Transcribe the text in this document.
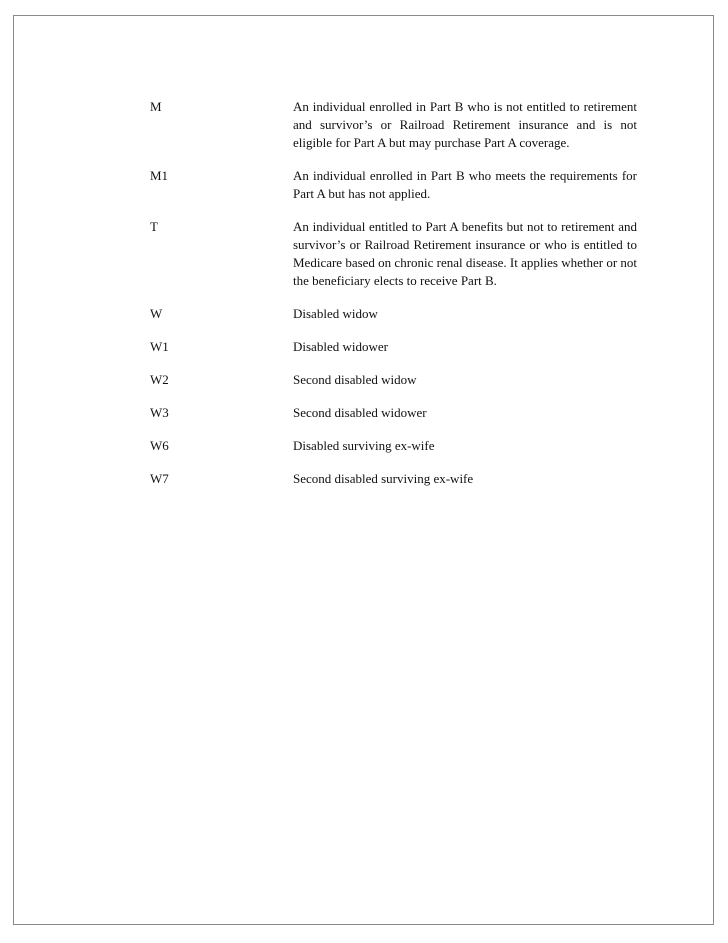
M	An individual enrolled in Part B who is not entitled to retirement and survivor’s or Railroad Retirement insurance and is not eligible for Part A but may purchase Part A coverage.
M1	An individual enrolled in Part B who meets the requirements for Part A but has not applied.
T	An individual entitled to Part A benefits but not to retirement and survivor’s or Railroad Retirement insurance or who is entitled to Medicare based on chronic renal disease. It applies whether or not the beneficiary elects to receive Part B.
W	Disabled widow
W1	Disabled widower
W2	Second disabled widow
W3	Second disabled widower
W6	Disabled surviving ex-wife
W7	Second disabled surviving ex-wife
